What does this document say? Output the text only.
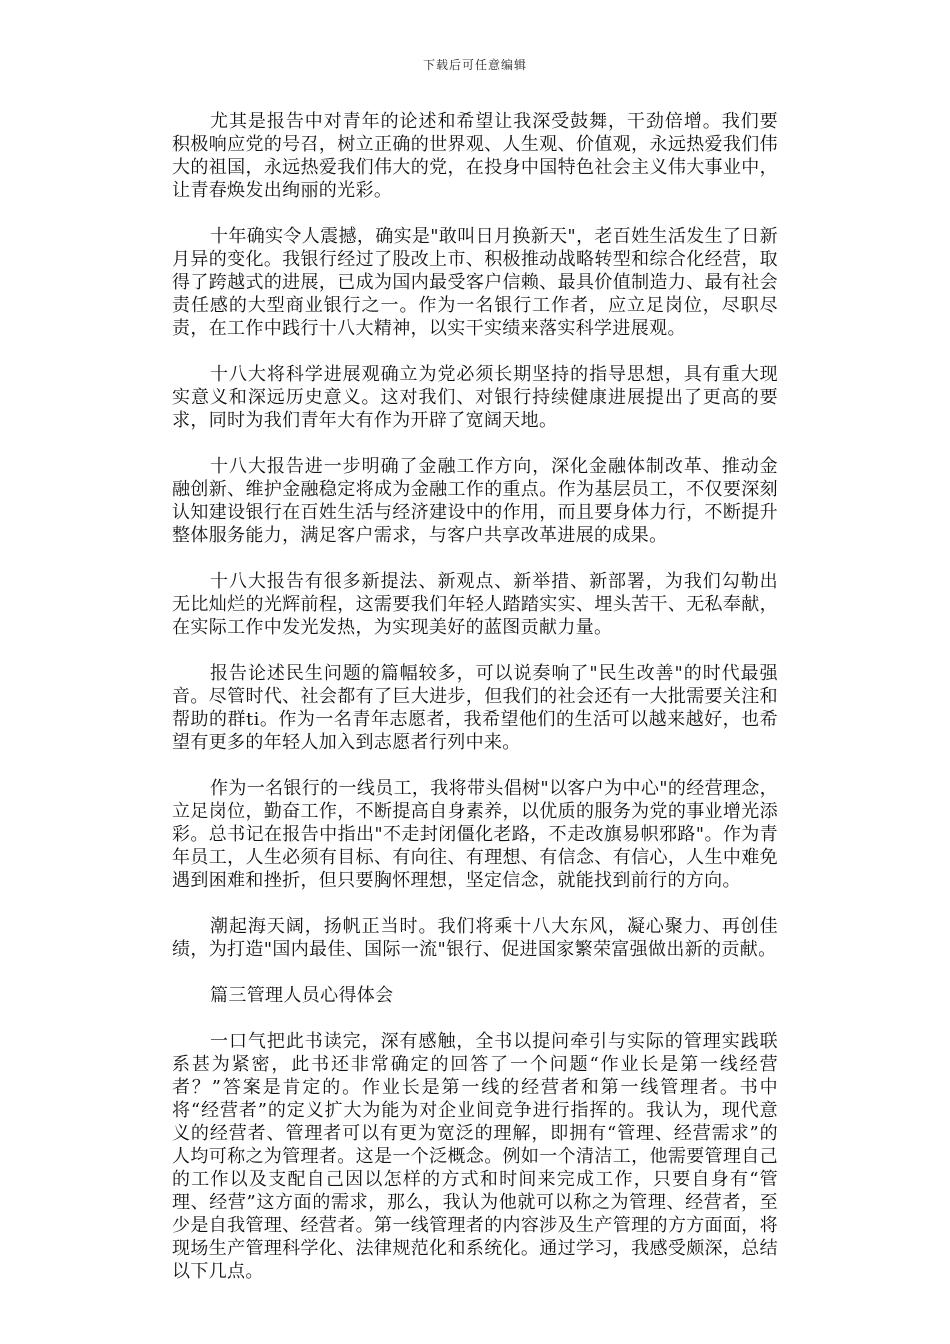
下载后可任意编辑

尤其是报告中对青年的论述和希望让我深受鼓舞，干劲倍增。我们要积极响应党的号召，树立正确的世界观、人生观、价值观，永远热爱我们伟大的祖国，永远热爱我们伟大的党，在投身中国特色社会主义伟大事业中，让青春焕发出绚丽的光彩。

十年确实令人震撼，确实是"敢叫日月换新天"，老百姓生活发生了日新月异的变化。我银行经过了股改上市、积极推动战略转型和综合化经营，取得了跨越式的进展，已成为国内最受客户信赖、最具价值制造力、最有社会责任感的大型商业银行之一。作为一名银行工作者，应立足岗位，尽职尽责，在工作中践行十八大精神，以实干实绩来落实科学进展观。

十八大将科学进展观确立为党必须长期坚持的指导思想，具有重大现实意义和深远历史意义。这对我们、对银行持续健康进展提出了更高的要求，同时为我们青年大有作为开辟了宽阔天地。

十八大报告进一步明确了金融工作方向，深化金融体制改革、推动金融创新、维护金融稳定将成为金融工作的重点。作为基层员工，不仅要深刻认知建设银行在百姓生活与经济建设中的作用，而且要身体力行，不断提升整体服务能力，满足客户需求，与客户共享改革进展的成果。

十八大报告有很多新提法、新观点、新举措、新部署，为我们勾勒出无比灿烂的光辉前程，这需要我们年轻人踏踏实实、埋头苦干、无私奉献，在实际工作中发光发热，为实现美好的蓝图贡献力量。

报告论述民生问题的篇幅较多，可以说奏响了"民生改善"的时代最强音。尽管时代、社会都有了巨大进步，但我们的社会还有一大批需要关注和帮助的群ti。作为一名青年志愿者，我希望他们的生活可以越来越好，也希望有更多的年轻人加入到志愿者行列中来。

作为一名银行的一线员工，我将带头倡树"以客户为中心"的经营理念，立足岗位，勤奋工作，不断提高自身素养，以优质的服务为党的事业增光添彩。总书记在报告中指出"不走封闭僵化老路，不走改旗易帜邪路"。作为青年员工，人生必须有目标、有向往、有理想、有信念、有信心，人生中难免遇到困难和挫折，但只要胸怀理想，坚定信念，就能找到前行的方向。

潮起海天阔，扬帆正当时。我们将乘十八大东风，凝心聚力、再创佳绩，为打造"国内最佳、国际一流"银行、促进国家繁荣富强做出新的贡献。

篇三管理人员心得体会

一口气把此书读完，深有感触，全书以提问牵引与实际的管理实践联系甚为紧密，此书还非常确定的回答了一个问题“作业长是第一线经营者？”答案是肯定的。作业长是第一线的经营者和第一线管理者。书中将“经营者”的定义扩大为能为对企业间竞争进行指挥的。我认为，现代意义的经营者、管理者可以有更为宽泛的理解，即拥有“管理、经营需求”的人均可称之为管理者。这是一个泛概念。例如一个清洁工，他需要管理自己的工作以及支配自己因以怎样的方式和时间来完成工作，只要自身有“管理、经营”这方面的需求，那么，我认为他就可以称之为管理、经营者，至少是自我管理、经营者。第一线管理者的内容涉及生产管理的方方面面，将现场生产管理科学化、法律规范化和系统化。通过学习，我感受颇深，总结以下几点。
